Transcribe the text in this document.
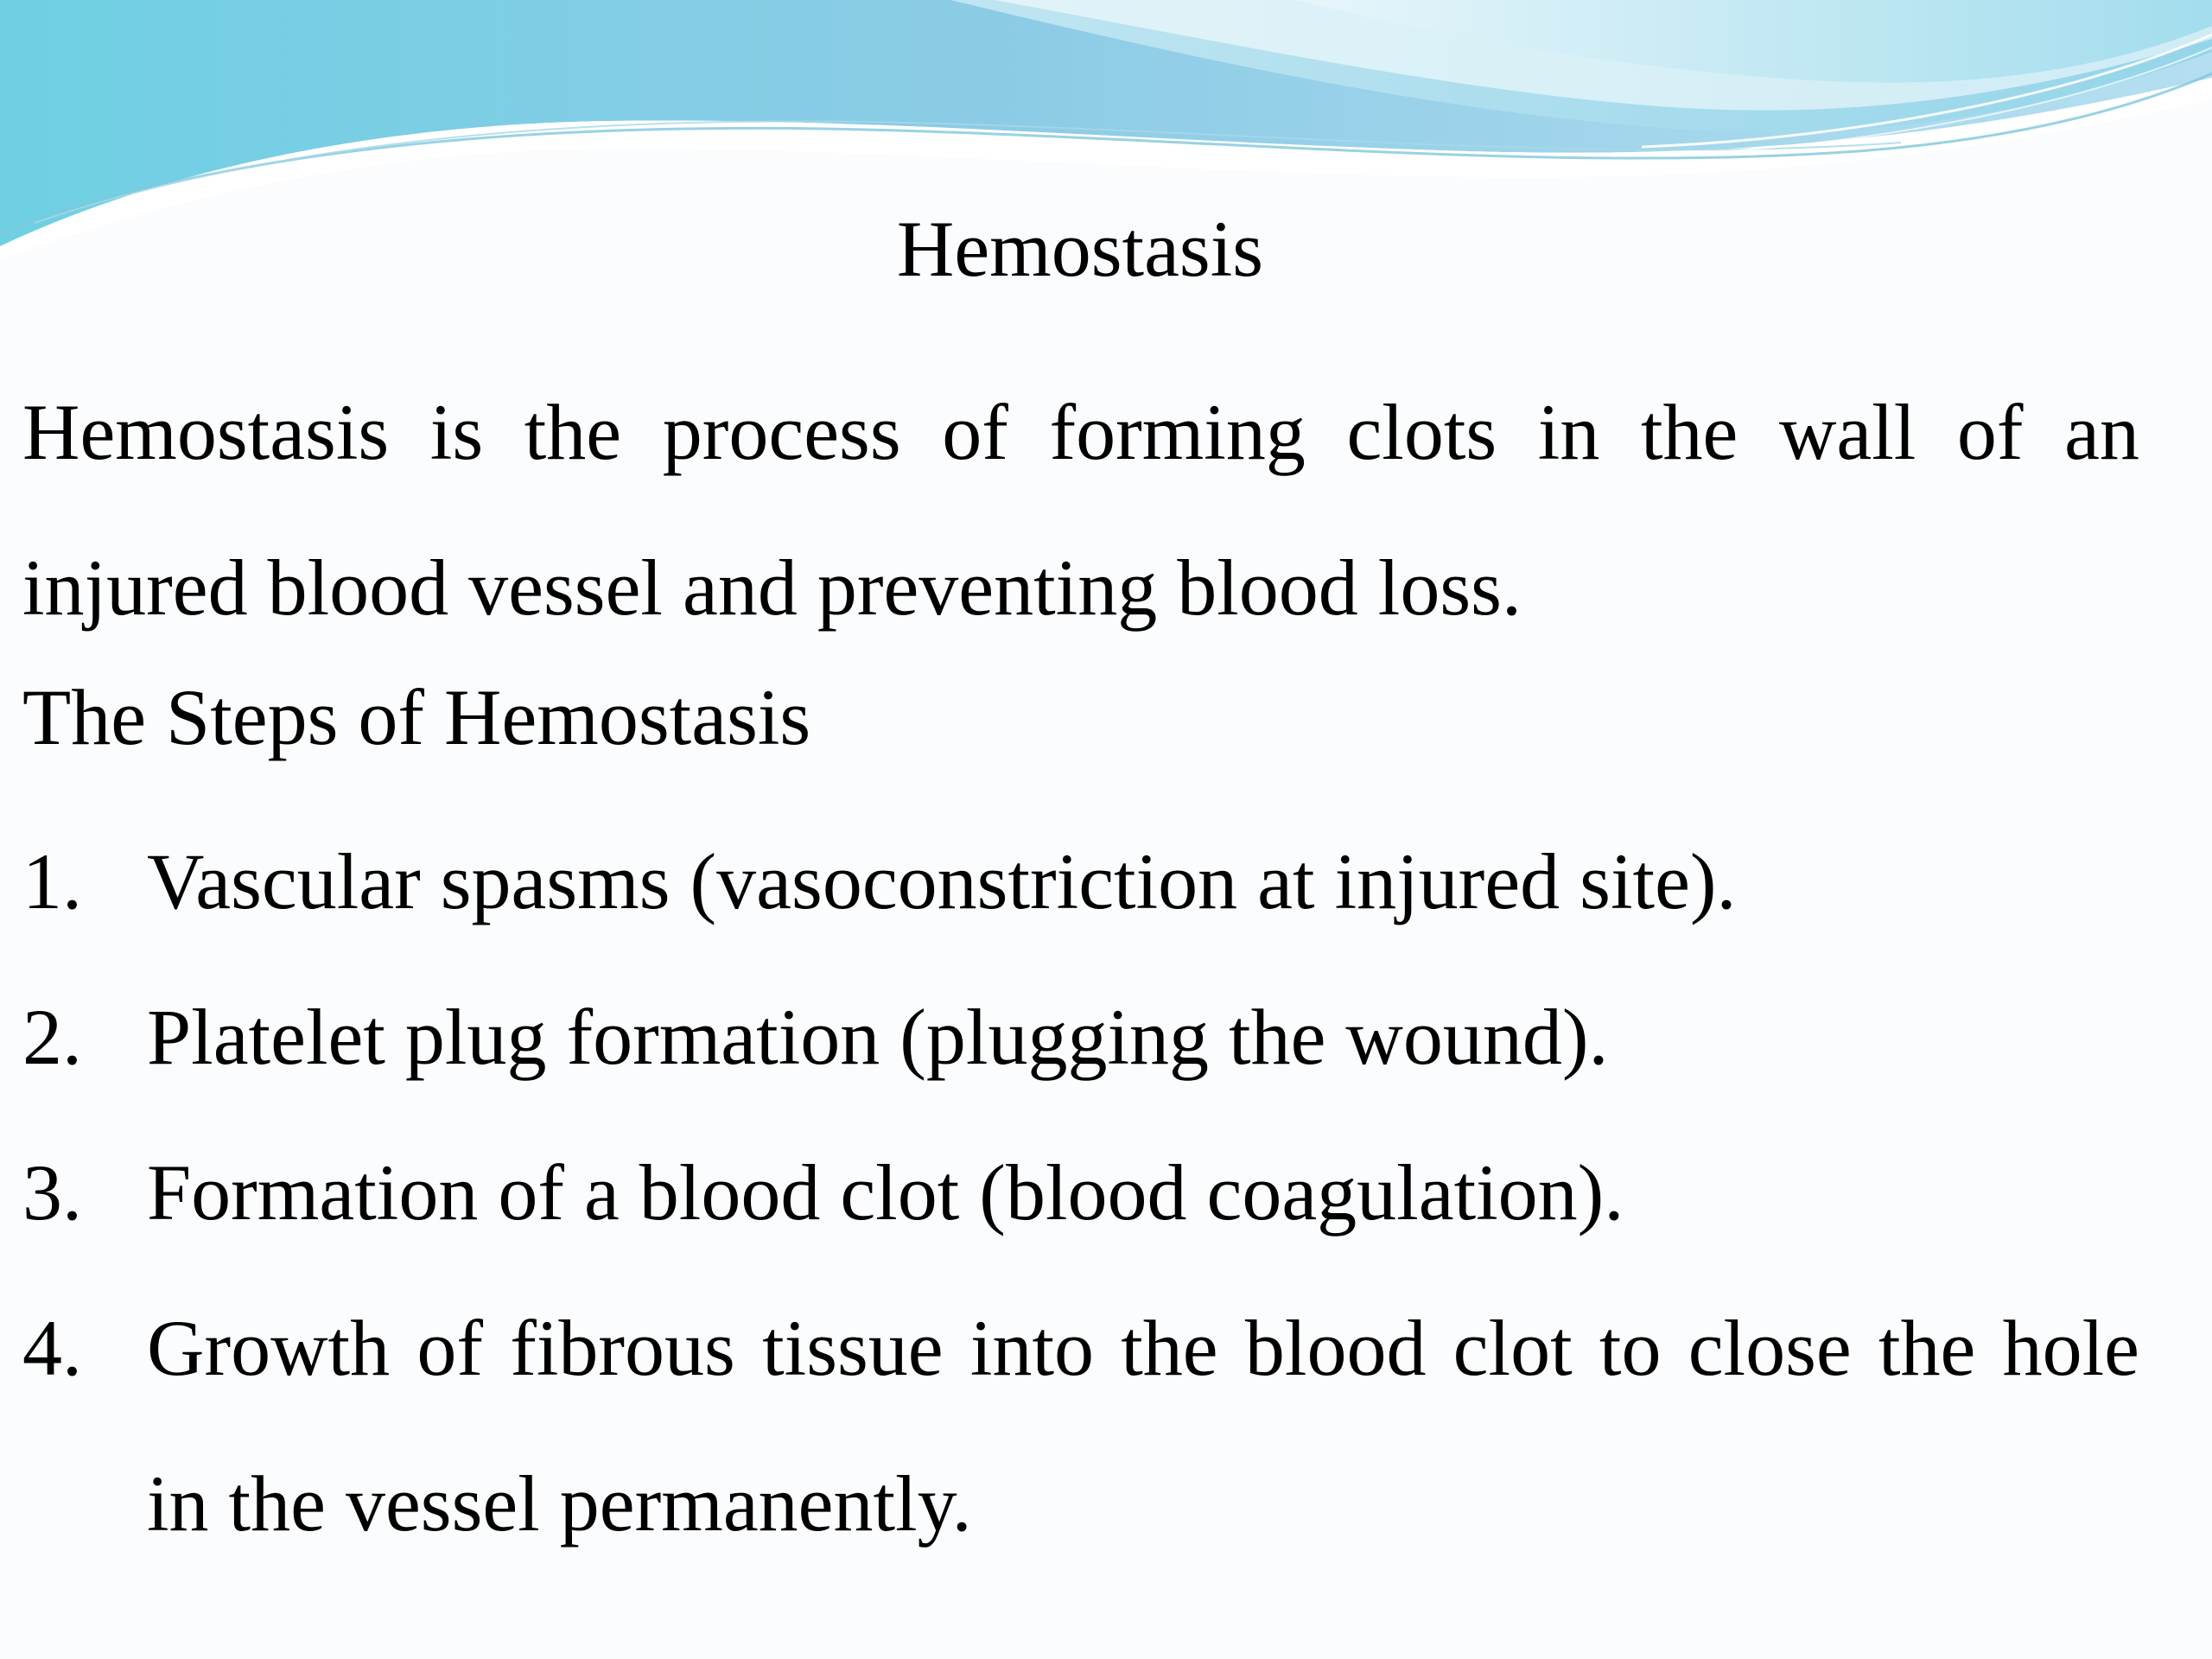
Hemostasis
Hemostasis is the process of forming clots in the wall of an injured blood vessel and preventing blood loss.
The Steps of Hemostasis
1. Vascular spasms (vasoconstriction at injured site).
2. Platelet plug formation (plugging the wound).
3. Formation of a blood clot (blood coagulation).
4. Growth of fibrous tissue into the blood clot to close the hole in the vessel permanently.
